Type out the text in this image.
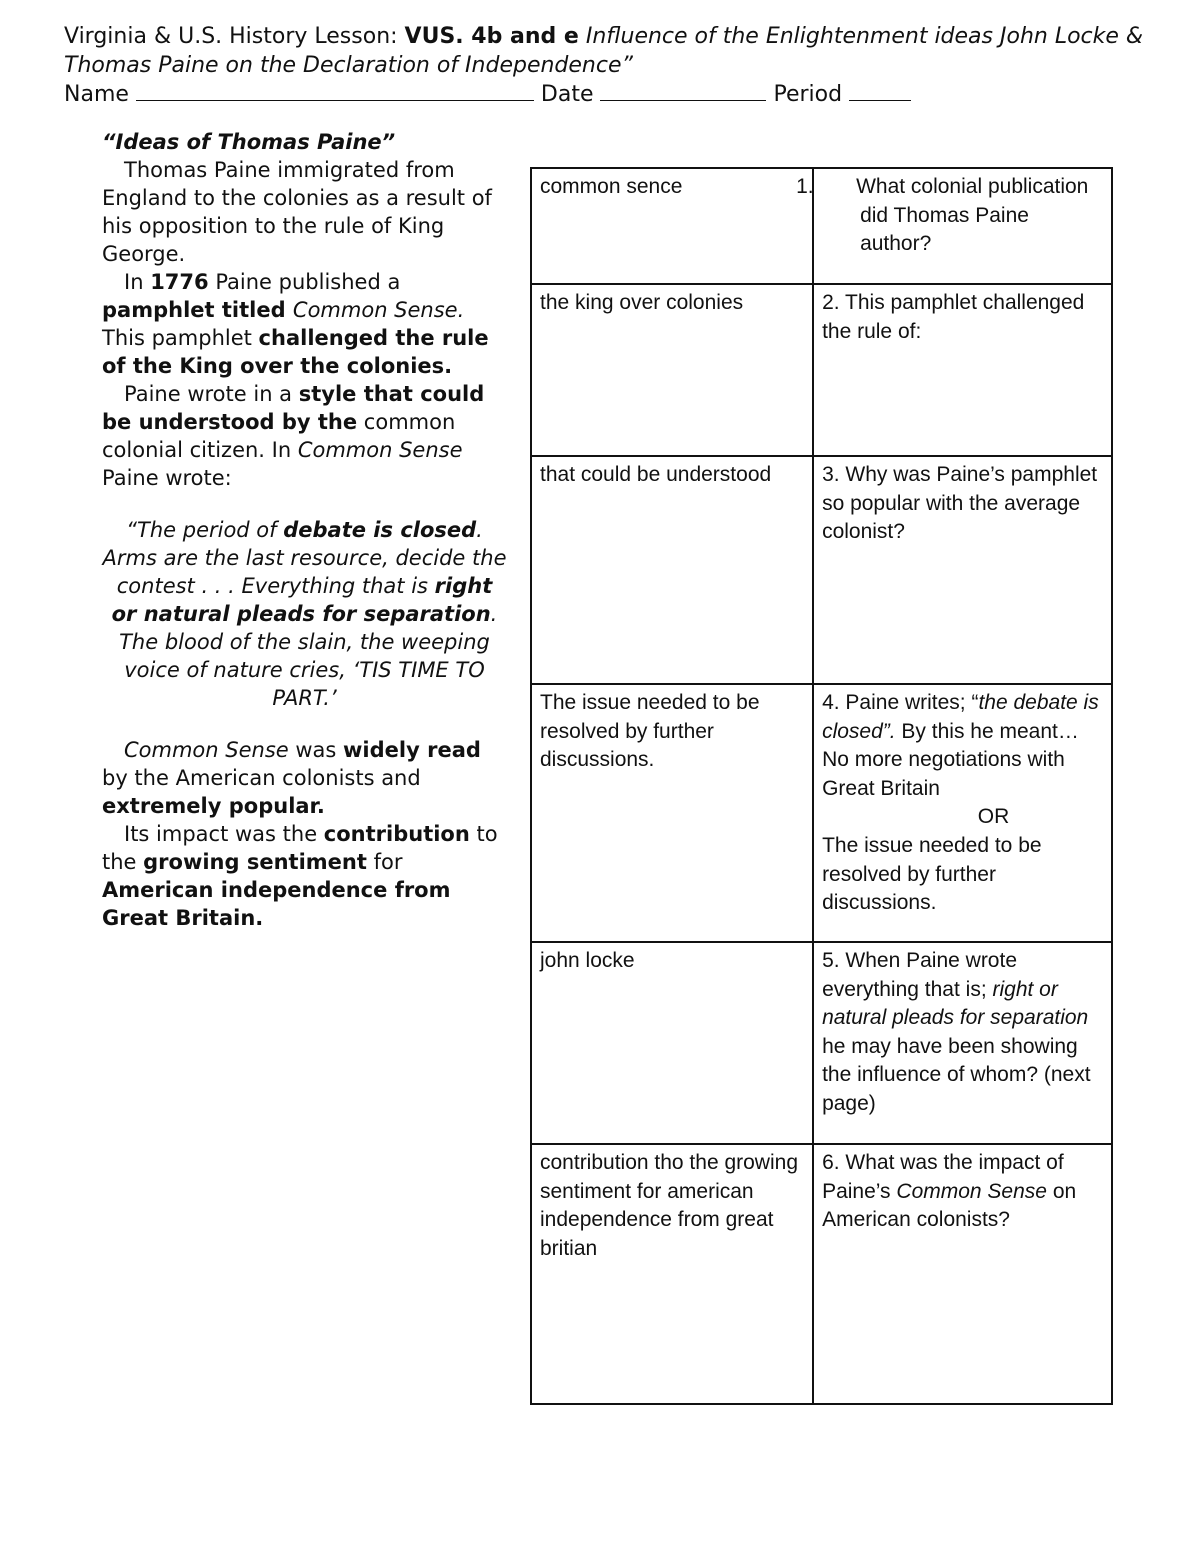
Virginia & U.S. History Lesson: VUS. 4b and e Influence of the Enlightenment ideas John Locke &
Thomas Paine on the Declaration of Independence”
Name	Date	Period

“Ideas of Thomas Paine”

Thomas Paine immigrated from England to the colonies as a result of his opposition to the rule of King George.

In 1776 Paine published a pamphlet titled Common Sense. This pamphlet challenged the rule of the King over the colonies.

Paine wrote in a style that could be understood by the common colonial citizen. In Common Sense Paine wrote:

“The period of debate is closed. Arms are the last resource, decide the contest . . . Everything that is right or natural pleads for separation. The blood of the slain, the weeping voice of nature cries, ‘TIS TIME TO PART.’

Common Sense was widely read by the American colonists and extremely popular.

Its impact was the contribution to the growing sentiment for American independence from Great Britain.

common sence	1. What colonial publication did Thomas Paine author?

the king over colonies	2. This pamphlet challenged the rule of:
that could be understood	3. Why was Paine’s pamphlet so popular with the average colonist?
The issue needed to be resolved by further discussions.	4. Paine writes; “the debate is closed”. By this he meant…
No more negotiations with Great Britain
OR
The issue needed to be resolved by further discussions.

john locke	5. When Paine wrote everything that is; right or natural pleads for separation he may have been showing the influence of whom? (next page)
contribution tho the growing sentiment for american independence from great britian	6. What was the impact of Paine’s Common Sense on American colonists?
